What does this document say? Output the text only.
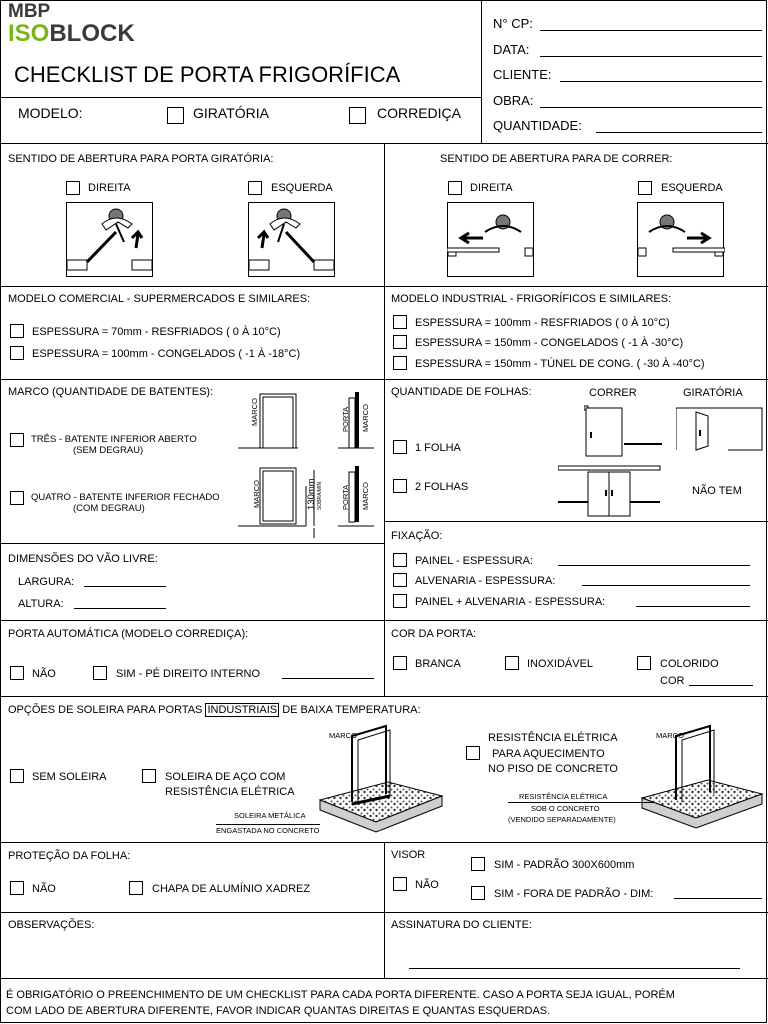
MBP
ISOBLOCK
CHECKLIST DE PORTA FRIGORÍFICA
MODELO:	GIRATÓRIA	CORREDIÇA
N° CP:
DATA:
CLIENTE:
OBRA:
QUANTIDADE:
SENTIDO DE ABERTURA PARA PORTA GIRATÓRIA:
DIREITA	ESQUERDA
SENTIDO DE ABERTURA PARA DE CORRER:
DIREITA	ESQUERDA
MODELO COMERCIAL - SUPERMERCADOS E SIMILARES:
ESPESSURA = 70mm - RESFRIADOS ( 0 À 10°C)
ESPESSURA = 100mm - CONGELADOS ( -1 À -18°C)
MODELO INDUSTRIAL - FRIGORÍFICOS E SIMILARES:
ESPESSURA = 100mm - RESFRIADOS ( 0 À 10°C)
ESPESSURA = 150mm - CONGELADOS ( -1 À -30°C)
ESPESSURA = 150mm - TÚNEL DE CONG. ( -30 À -40°C)
MARCO (QUANTIDADE DE BATENTES):
TRÊS - BATENTE INFERIOR ABERTO
(SEM DEGRAU)
QUATRO - BATENTE INFERIOR FECHADO
(COM DEGRAU)
MARCO	PORTA MARCO
MARCO	130mm SOBRA/MIN PORTA MARCO
QUANTIDADE DE FOLHAS:	CORRER	GIRATÓRIA
1 FOLHA
2 FOLHAS	NÃO TEM
DIMENSÕES DO VÃO LIVRE:
LARGURA:
ALTURA:
FIXAÇÃO:
PAINEL - ESPESSURA:
ALVENARIA - ESPESSURA:
PAINEL + ALVENARIA - ESPESSURA:
PORTA AUTOMÁTICA (MODELO CORREDIÇA):
NÃO	SIM - PÉ DIREITO INTERNO
COR DA PORTA:
BRANCA	INOXIDÁVEL	COLORIDO
COR
OPÇÕES DE SOLEIRA PARA PORTAS INDUSTRIAIS DE BAIXA TEMPERATURA:
SEM SOLEIRA	SOLEIRA DE AÇO COM
RESISTÊNCIA ELÉTRICA
RESISTÊNCIA ELÉTRICA
PARA AQUECIMENTO
NO PISO DE CONCRETO
MARCO
SOLEIRA METÁLICA
ENGASTADA NO CONCRETO
MARCO
RESISTÊNCIA ELÉTRICA
SOB O CONCRETO
(VENDIDO SEPARADAMENTE)
PROTEÇÃO DA FOLHA:
NÃO	CHAPA DE ALUMÍNIO XADREZ
VISOR
NÃO
SIM - PADRÃO 300X600mm
SIM - FORA DE PADRÃO - DIM:
OBSERVAÇÕES:	ASSINATURA DO CLIENTE:
É OBRIGATÓRIO O PREENCHIMENTO DE UM CHECKLIST PARA CADA PORTA DIFERENTE. CASO A PORTA SEJA IGUAL, PORÉM
COM LADO DE ABERTURA DIFERENTE, FAVOR INDICAR QUANTAS DIREITAS E QUANTAS ESQUERDAS.
